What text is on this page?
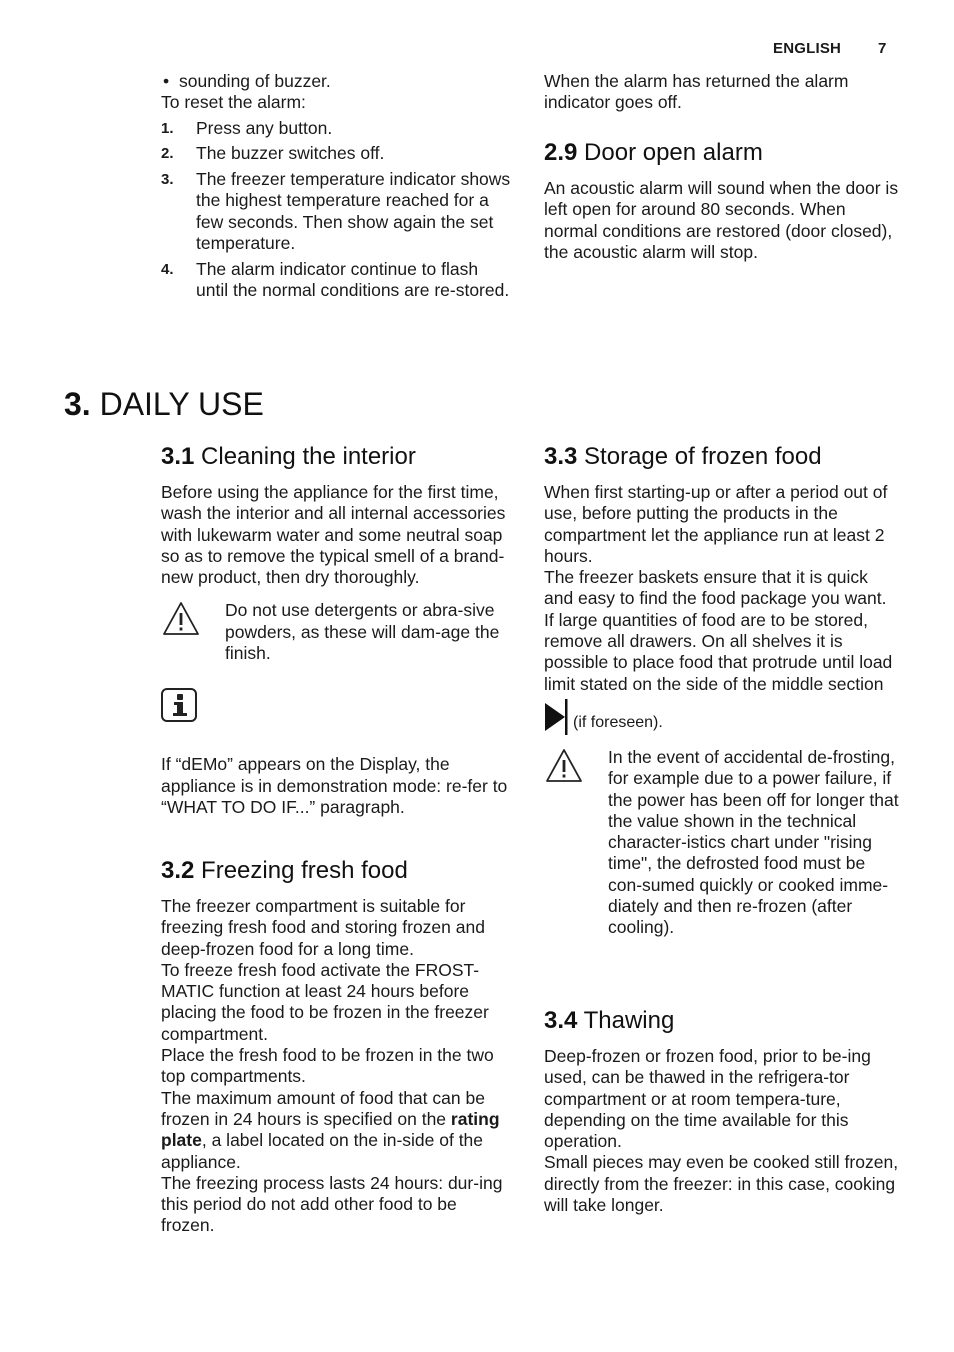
ENGLISH 7
• sounding of buzzer.

To reset the alarm:

1. Press any button.
2. The buzzer switches off.
3. The freezer temperature indicator shows the highest temperature reached for a few seconds. Then show again the set temperature.
4. The alarm indicator continue to flash until the normal conditions are re-stored.

When the alarm has returned the alarm indicator goes off.

2.9 Door open alarm

An acoustic alarm will sound when the door is left open for around 80 seconds. When normal conditions are restored (door closed), the acoustic alarm will stop.

3. DAILY USE
3.1 Cleaning the interior

Before using the appliance for the first time, wash the interior and all internal accessories with lukewarm water and some neutral soap so as to remove the typical smell of a brand-new product, then dry thoroughly.

Do not use detergents or abra-sive powders, as these will dam-age the finish.

If “dEMo” appears on the Display, the appliance is in demonstration mode: re-fer to “WHAT TO DO IF...” paragraph.

3.2 Freezing fresh food

The freezer compartment is suitable for freezing fresh food and storing frozen and deep-frozen food for a long time.

To freeze fresh food activate the FROST-MATIC function at least 24 hours before placing the food to be frozen in the freezer compartment.

Place the fresh food to be frozen in the two top compartments.

The maximum amount of food that can be frozen in 24 hours is specified on the rating plate, a label located on the in-side of the appliance.

The freezing process lasts 24 hours: dur-ing this period do not add other food to be frozen.

3.3 Storage of frozen food

When first starting-up or after a period out of use, before putting the products in the compartment let the appliance run at least 2 hours.

The freezer baskets ensure that it is quick and easy to find the food package you want. If large quantities of food are to be stored, remove all drawers. On all shelves it is possible to place food that protrude until load limit stated on the side of the middle section

(if foreseen).
In the event of accidental de-frosting, for example due to a power failure, if the power has been off for longer that the value shown in the technical character-istics chart under "rising time", the defrosted food must be con-sumed quickly or cooked imme-diately and then re-frozen (after cooling).
3.4 Thawing

Deep-frozen or frozen food, prior to be-ing used, can be thawed in the refrigera-tor compartment or at room tempera-ture, depending on the time available for this operation.

Small pieces may even be cooked still frozen, directly from the freezer: in this case, cooking will take longer.
